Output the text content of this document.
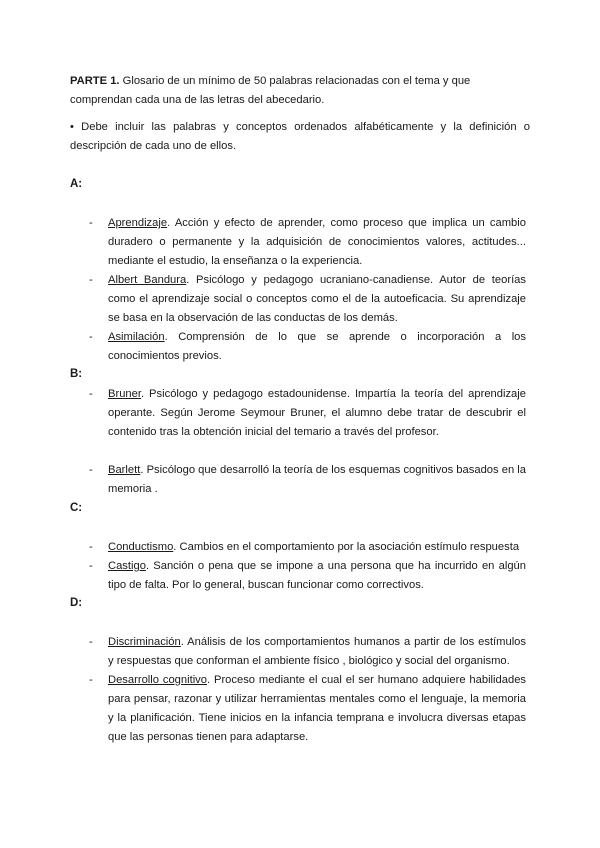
PARTE 1. Glosario de un mínimo de 50 palabras relacionadas con el tema y que comprendan cada una de las letras del abecedario.
• Debe incluir las palabras y conceptos ordenados alfabéticamente y la definición o descripción de cada uno de ellos.
A:
- Aprendizaje. Acción y efecto de aprender, como proceso que implica un cambio duradero o permanente y la adquisición de conocimientos valores, actitudes... mediante el estudio, la enseñanza o la experiencia.
- Albert Bandura. Psicólogo y pedagogo ucraniano-canadiense. Autor de teorías como el aprendizaje social o conceptos como el de la autoeficacia. Su aprendizaje se basa en la observación de las conductas de los demás.
- Asimilación. Comprensión de lo que se aprende o incorporación a los conocimientos previos.
B:
- Bruner. Psicólogo y pedagogo estadounidense. Impartía la teoría del aprendizaje operante. Según Jerome Seymour Bruner, el alumno debe tratar de descubrir el contenido tras la obtención inicial del temario a través del profesor.
- Barlett. Psicólogo que desarrolló la teoría de los esquemas cognitivos basados en la memoria .
C:
- Conductismo. Cambios en el comportamiento por la asociación estímulo respuesta
- Castigo. Sanción o pena que se impone a una persona que ha incurrido en algún tipo de falta. Por lo general, buscan funcionar como correctivos.
D:
- Discriminación. Análisis de los comportamientos humanos a partir de los estímulos y respuestas que conforman el ambiente físico , biológico y social del organismo.
- Desarrollo cognitivo. Proceso mediante el cual el ser humano adquiere habilidades para pensar, razonar y utilizar herramientas mentales como el lenguaje, la memoria y la planificación. Tiene inicios en la infancia temprana e involucra diversas etapas que las personas tienen para adaptarse.
